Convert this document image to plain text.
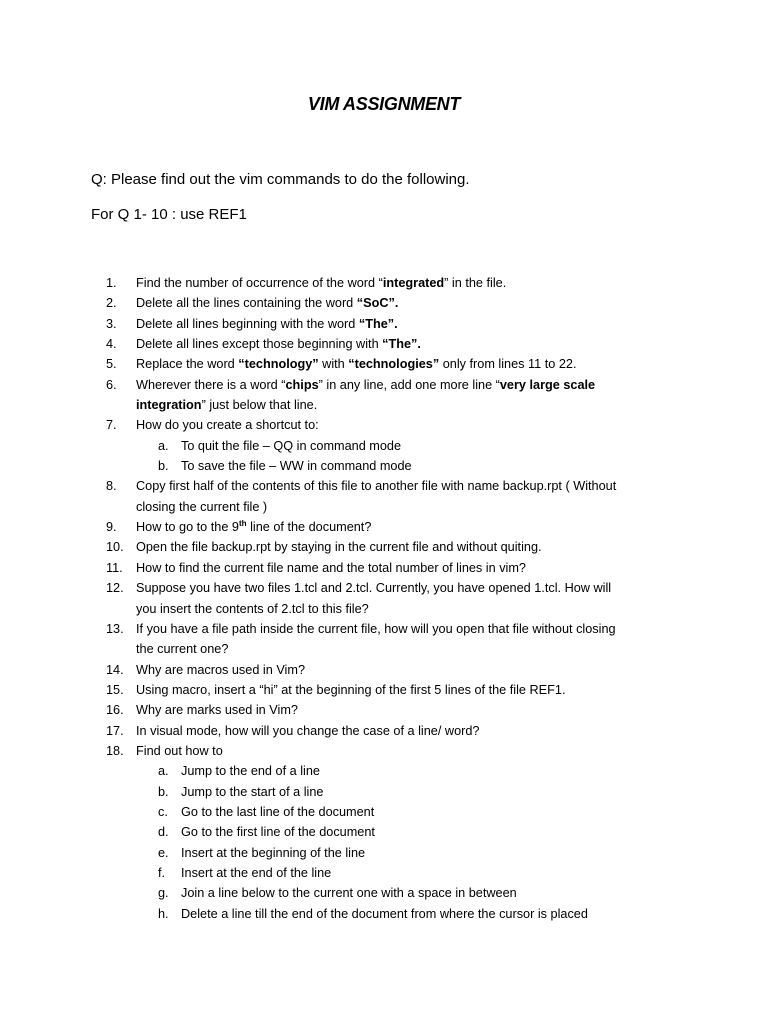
VIM ASSIGNMENT
Q: Please find out the vim commands to do the following.
For Q 1- 10 : use REF1
1.	Find the number of occurrence of the word “integrated” in the file.
2.	Delete all the lines containing the word “SoC”.
3.	Delete all lines beginning with the word “The”.
4.	Delete all lines except those beginning with “The”.
5.	Replace the word “technology” with “technologies” only from lines 11 to 22.
6.	Wherever there is a word “chips” in any line, add one more line “very large scale
integration” just below that line.
7.	How do you create a shortcut to:
a. To quit the file – QQ in command mode
b. To save the file – WW in command mode
8.	Copy first half of the contents of this file to another file with name backup.rpt ( Without
closing the current file )
9.	How to go to the 9th line of the document?
10. Open the file backup.rpt by staying in the current file and without quiting.
11.	How to find the current file name and the total number of lines in vim?
12. Suppose you have two files 1.tcl and 2.tcl. Currently, you have opened 1.tcl. How will
you insert the contents of 2.tcl to this file?
13. If you have a file path inside the current file, how will you open that file without closing
the current one?
14. Why are macros used in Vim?
15. Using macro, insert a “hi” at the beginning of the first 5 lines of the file REF1.
16. Why are marks used in Vim?
17. In visual mode, how will you change the case of a line/ word?
18. Find out how to
a. Jump to the end of a line
b. Jump to the start of a line
c. Go to the last line of the document
d. Go to the first line of the document
e. Insert at the beginning of the line
f. Insert at the end of the line
g. Join a line below to the current one with a space in between
h. Delete a line till the end of the document from where the cursor is placed
